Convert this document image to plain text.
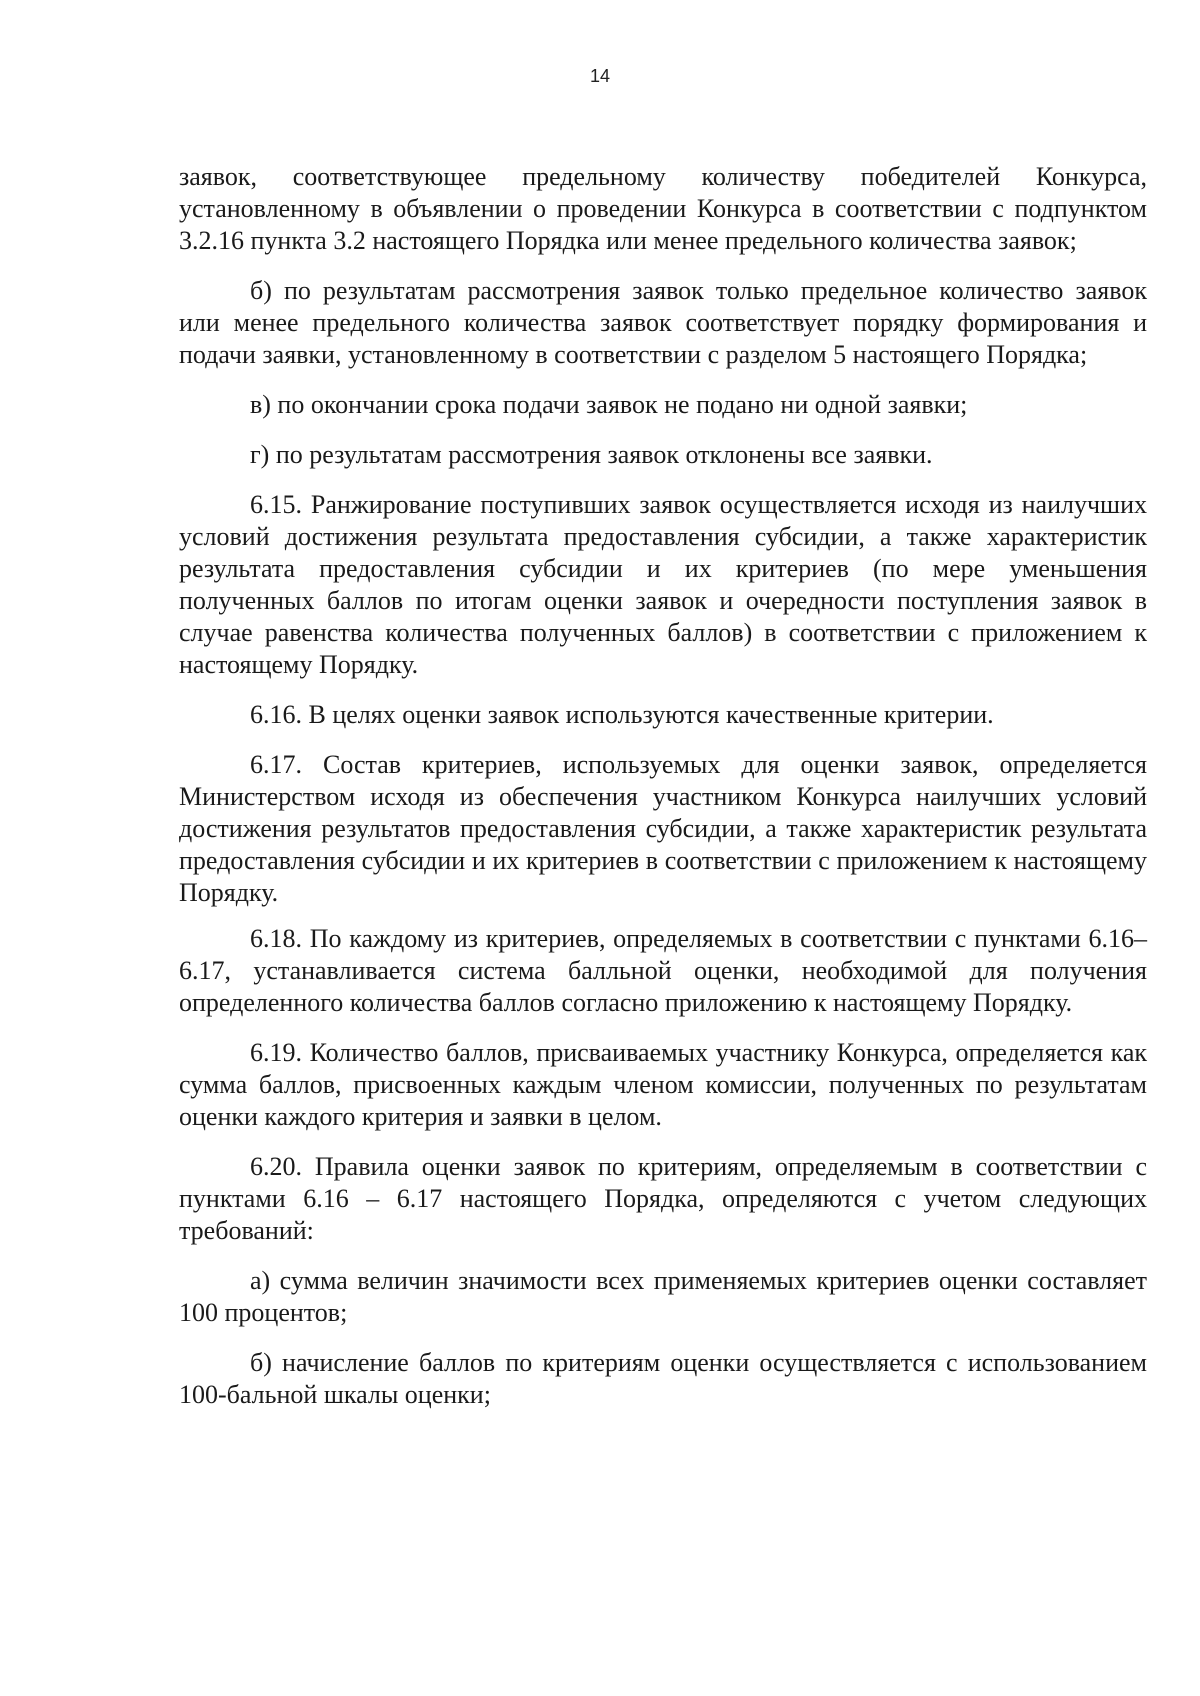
14

заявок, соответствующее предельному количеству победителей Конкурса, установленному в объявлении о проведении Конкурса в соответствии с подпунктом 3.2.16 пункта 3.2 настоящего Порядка или менее предельного количества заявок;

б) по результатам рассмотрения заявок только предельное количество заявок или менее предельного количества заявок соответствует порядку формирования и подачи заявки, установленному в соответствии с разделом 5 настоящего Порядка;

в) по окончании срока подачи заявок не подано ни одной заявки;

г) по результатам рассмотрения заявок отклонены все заявки.

6.15. Ранжирование поступивших заявок осуществляется исходя из наилучших условий достижения результата предоставления субсидии, а также характеристик результата предоставления субсидии и их критериев (по мере уменьшения полученных баллов по итогам оценки заявок и очередности поступления заявок в случае равенства количества полученных баллов) в соответствии с приложением к настоящему Порядку.

6.16. В целях оценки заявок используются качественные критерии.

6.17. Состав критериев, используемых для оценки заявок, определяется Министерством исходя из обеспечения участником Конкурса наилучших условий достижения результатов предоставления субсидии, а также характеристик результата предоставления субсидии и их критериев в соответствии с приложением к настоящему Порядку.

6.18. По каждому из критериев, определяемых в соответствии с пунктами 6.16–6.17, устанавливается система балльной оценки, необходимой для получения определенного количества баллов согласно приложению к настоящему Порядку.

6.19. Количество баллов, присваиваемых участнику Конкурса, определяется как сумма баллов, присвоенных каждым членом комиссии, полученных по результатам оценки каждого критерия и заявки в целом.

6.20. Правила оценки заявок по критериям, определяемым в соответствии с пунктами 6.16 – 6.17 настоящего Порядка, определяются с учетом следующих требований:

а) сумма величин значимости всех применяемых критериев оценки составляет 100 процентов;

б) начисление баллов по критериям оценки осуществляется с использованием 100-бальной шкалы оценки;
